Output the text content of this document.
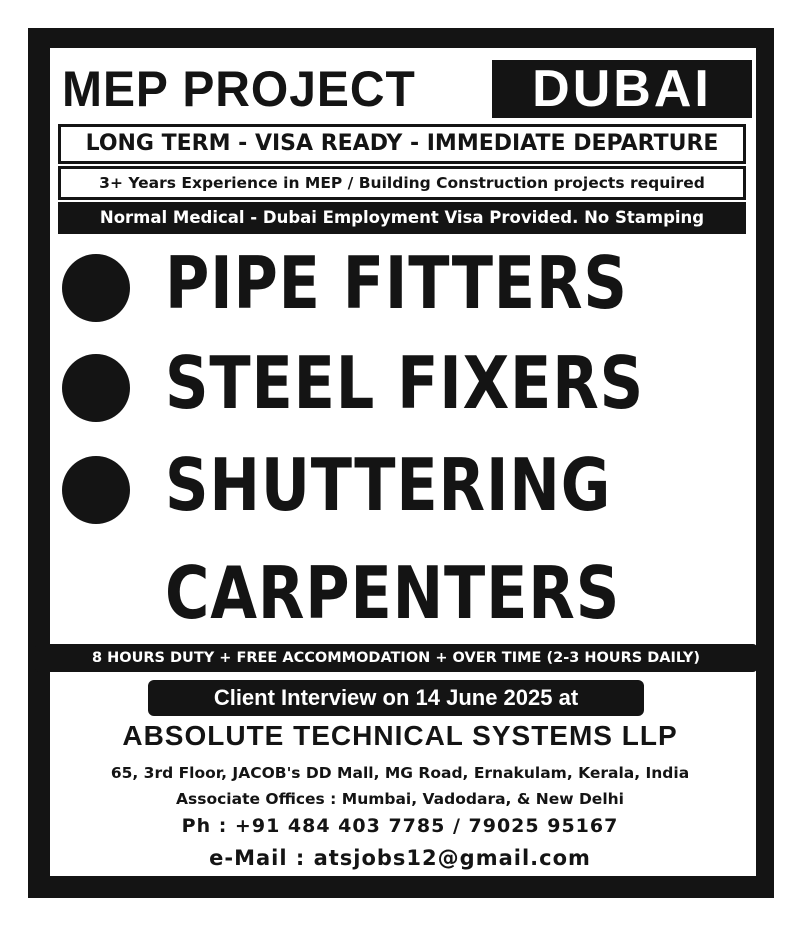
MEP PROJECT	DUBAI
LONG TERM - VISA READY - IMMEDIATE DEPARTURE
3+ Years Experience in MEP / Building Construction projects required
Normal Medical - Dubai Employment Visa Provided. No Stamping
PIPE FITTERS
STEEL FIXERS
SHUTTERING
CARPENTERS
8 HOURS DUTY + FREE ACCOMMODATION + OVER TIME (2-3 HOURS DAILY)
Client Interview on 14 June 2025 at
ABSOLUTE TECHNICAL SYSTEMS LLP
65, 3rd Floor, JACOB's DD Mall, MG Road, Ernakulam, Kerala, India
Associate Offices : Mumbai, Vadodara, & New Delhi
Ph : +91 484 403 7785 / 79025 95167
e-Mail : atsjobs12@gmail.com
